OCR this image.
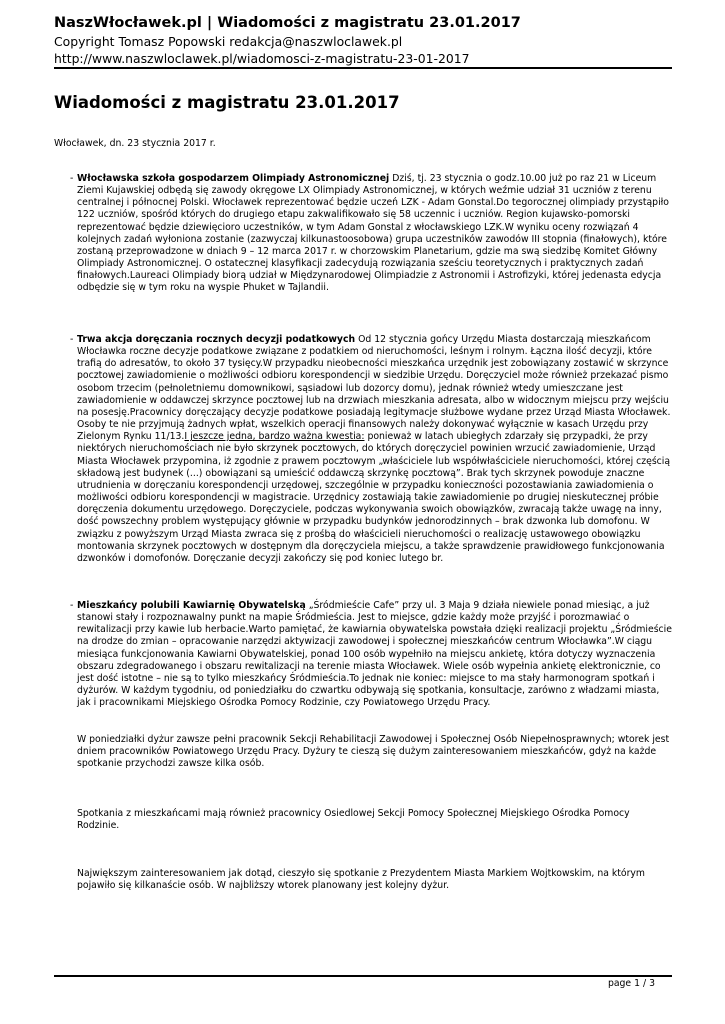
NaszWłocławek.pl | Wiadomości z magistratu 23.01.2017
Copyright Tomasz Popowski redakcja@naszwloclawek.pl
http://www.naszwloclawek.pl/wiadomosci-z-magistratu-23-01-2017
Wiadomości z magistratu 23.01.2017
Włocławek, dn. 23 stycznia 2017 r.
- Włocławska szkoła gospodarzem Olimpiady Astronomicznej Dziś, tj. 23 stycznia o godz.10.00 już po raz 21 w Liceum Ziemi Kujawskiej odbędą się zawody okręgowe LX Olimpiady Astronomicznej, w których weźmie udział 31 uczniów z terenu centralnej i północnej Polski. Włocławek reprezentować będzie uczeń LZK - Adam Gonstal.Do tegorocznej olimpiady przystąpiło 122 uczniów, spośród których do drugiego etapu zakwalifikowało się 58 uczennic i uczniów. Region kujawsko-pomorski reprezentować będzie dziewięciorо uczestników, w tym Adam Gonstal z włocławskiego LZK.W wyniku oceny rozwiązań 4 kolejnych zadań wyłoniona zostanie (zazwyczaj kilkunastoosobowa) grupa uczestników zawodów III stopnia (finałowych), które zostaną przeprowadzone w dniach 9 – 12 marca 2017 r. w chorzowskim Planetarium, gdzie ma swą siedzibę Komitet Główny Olimpiady Astronomicznej. O ostatecznej klasyfikacji zadecydują rozwiązania sześciu teoretycznych i praktycznych zadań finałowych.Laureaci Olimpiady biorą udział w Międzynarodowej Olimpiadzie z Astronomii i Astrofizyki, której jedenasta edycja odbędzie się w tym roku na wyspie Phuket w Tajlandii.
- Trwa akcja doręczania rocznych decyzji podatkowych Od 12 stycznia gońcy Urzędu Miasta dostarczają mieszkańcom Włocławka roczne decyzje podatkowe związane z podatkiem od nieruchomości, leśnym i rolnym. Łączna ilość decyzji, które trafią do adresatów, to około 37 tysięcy.W przypadku nieobecności mieszkańca urzędnik jest zobowiązany zostawić w skrzynce pocztowej zawiadomienie o możliwości odbioru korespondencji w siedzibie Urzędu. Doręczyciel może również przekazać pismo osobom trzecim (pełnoletniemu domownikowi, sąsiadowi lub dozorcy domu), jednak również wtedy umieszczane jest zawiadomienie w oddawczej skrzynce pocztowej lub na drzwiach mieszkania adresata, albo w widocznym miejscu przy wejściu na posesję.Pracownicy doręczający decyzje podatkowe posiadają legitymacje służbowe wydane przez Urząd Miasta Włocławek. Osoby te nie przyjmują żadnych wpłat, wszelkich operacji finansowych należy dokonywać wyłącznie w kasach Urzędu przy Zielonym Rynku 11/13.I jeszcze jedna, bardzo ważna kwestia: ponieważ w latach ubiegłych zdarzały się przypadki, że przy niektórych nieruchomościach nie było skrzynek pocztowych, do których doręczyciel powinien wrzucić zawiadomienie, Urząd Miasta Włocławek przypomina, iż zgodnie z prawem pocztowym „właściciele lub współwłaściciele nieruchomości, której częścią składową jest budynek (...) obowiązani są umieścić oddawczą skrzynkę pocztową”. Brak tych skrzynek powoduje znaczne utrudnienia w doręczaniu korespondencji urzędowej, szczególnie w przypadku konieczności pozostawiania zawiadomienia o możliwości odbioru korespondencji w magistracie. Urzędnicy zostawiają takie zawiadomienie po drugiej nieskutecznej próbie doręczenia dokumentu urzędowego. Doręczyciele, podczas wykonywania swoich obowiązków, zwracają także uwagę na inny, dość powszechny problem występujący głównie w przypadku budynków jednorodzinnych – brak dzwonka lub domofonu. W związku z powyższym Urząd Miasta zwraca się z prośbą do właścicieli nieruchomości o realizację ustawowego obowiązku montowania skrzynek pocztowych w dostępnym dla doręczyciela miejscu, a także sprawdzenie prawidłowego funkcjonowania dzwonków i domofonów. Doręczanie decyzji zakończy się pod koniec lutego br.
- Mieszkańcy polubili Kawiarnię Obywatelską „Śródmieście Cafe” przy ul. 3 Maja 9 działa niewiele ponad miesiąc, a już stanowi stały i rozpoznawalny punkt na mapie Śródmieścia. Jest to miejsce, gdzie każdy może przyjść i porozmawiać o rewitalizacji przy kawie lub herbacie.Warto pamiętać, że kawiarnia obywatelska powstała dzięki realizacji projektu „Śródmieście na drodze do zmian – opracowanie narzędzi aktywizacji zawodowej i społecznej mieszkańców centrum Włocławka”.W ciągu miesiąca funkcjonowania Kawiarni Obywatelskiej, ponad 100 osób wypełniło na miejscu ankietę, która dotyczy wyznaczenia obszaru zdegradowanego i obszaru rewitalizacji na terenie miasta Włocławek. Wiele osób wypełnia ankietę elektronicznie, co jest dość istotne – nie są to tylko mieszkańcy Śródmieścia.To jednak nie koniec: miejsce to ma stały harmonogram spotkań i dyżurów. W każdym tygodniu, od poniedziałku do czwartku odbywają się spotkania, konsultacje, zarówno z władzami miasta, jak i pracownikami Miejskiego Ośrodka Pomocy Rodzinie, czy Powiatowego Urzędu Pracy.
W poniedziałki dyżur zawsze pełni pracownik Sekcji Rehabilitacji Zawodowej i Społecznej Osób Niepełnosprawnych; wtorek jest dniem pracowników Powiatowego Urzędu Pracy. Dyżury te cieszą się dużym zainteresowaniem mieszkańców, gdyż na każde spotkanie przychodzi zawsze kilka osób.
Spotkania z mieszkańcami mają również pracownicy Osiedlowej Sekcji Pomocy Społecznej Miejskiego Ośrodka Pomocy Rodzinie.
Największym zainteresowaniem jak dotąd, cieszyło się spotkanie z Prezydentem Miasta Markiem Wojtkowskim, na którym pojawiło się kilkanaście osób. W najbliższy wtorek planowany jest kolejny dyżur.
page 1 / 3
